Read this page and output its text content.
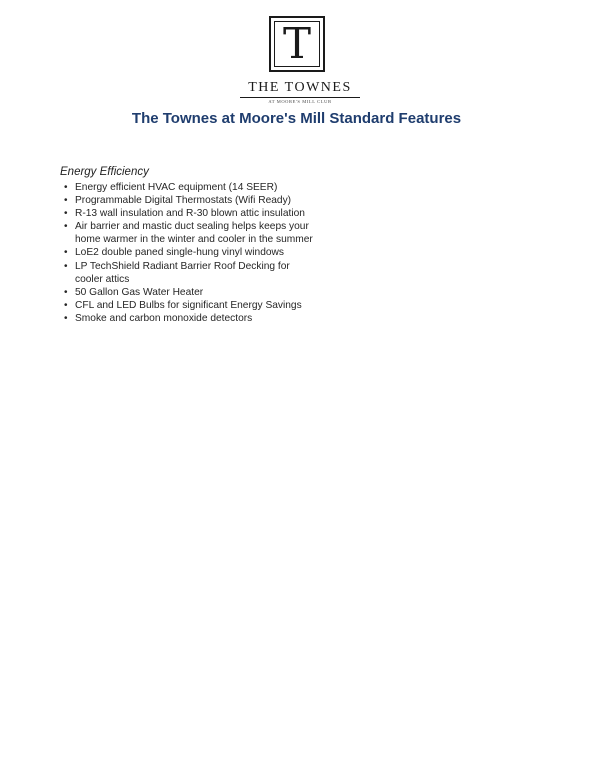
T
THE TOWNES
AT MOORE'S MILL CLUB
The Townes at Moore's Mill Standard Features
Energy Efficiency
• Energy efficient HVAC equipment (14 SEER)
• Programmable Digital Thermostats (Wifi Ready)
• R-13 wall insulation and R-30 blown attic insulation
• Air barrier and mastic duct sealing helps keeps your home warmer in the winter and cooler in the summer
• LoE2 double paned single-hung vinyl windows
• LP TechShield Radiant Barrier Roof Decking for cooler attics
• 50 Gallon Gas Water Heater
• CFL and LED Bulbs for significant Energy Savings
• Smoke and carbon monoxide detectors
